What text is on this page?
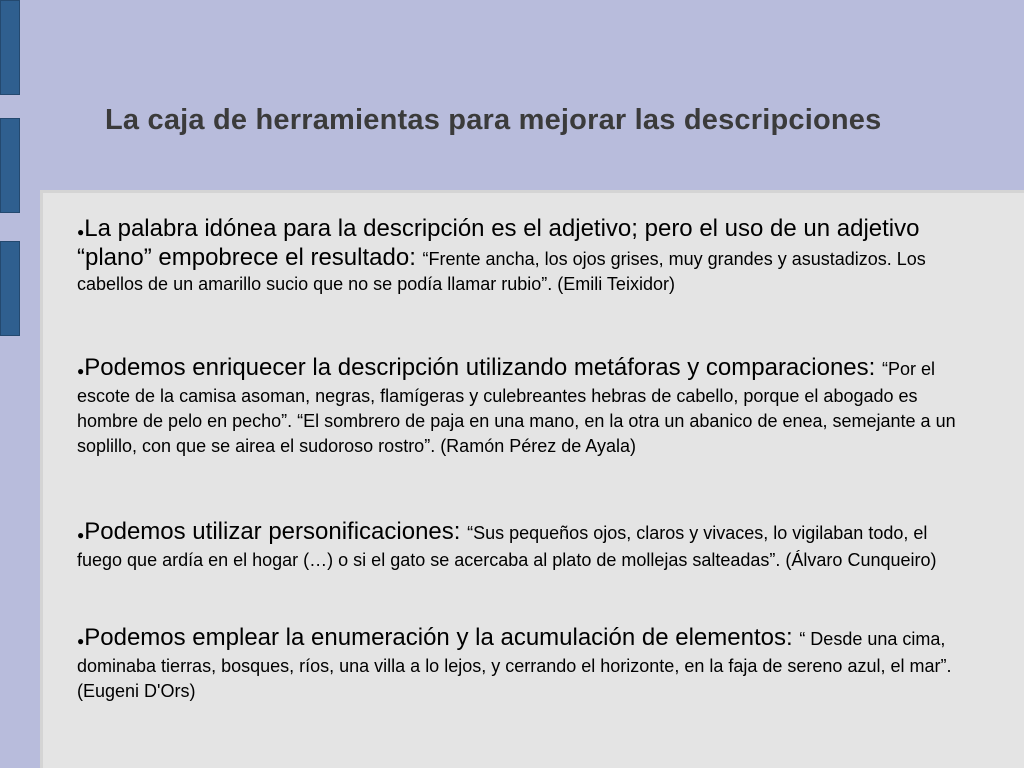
La caja de herramientas para mejorar las descripciones
●La palabra idónea para la descripción es el adjetivo; pero el uso de un adjetivo “plano” empobrece el resultado: “Frente ancha, los ojos grises, muy grandes y asustadizos. Los cabellos de un amarillo sucio que no se podía llamar rubio”. (Emili Teixidor)
●Podemos enriquecer la descripción utilizando metáforas y comparaciones: “Por el escote de la camisa asoman, negras, flamígeras y culebreantes hebras de cabello, porque el abogado es hombre de pelo en pecho”. “El sombrero de paja en una mano, en la otra un abanico de enea, semejante a un soplillo, con que se airea el sudoroso rostro”. (Ramón Pérez de Ayala)
●Podemos utilizar personificaciones: “Sus pequeños ojos, claros y vivaces, lo vigilaban todo, el fuego que ardía en el hogar (…) o si el gato se acercaba al plato de mollejas salteadas”. (Álvaro Cunqueiro)
●Podemos emplear la enumeración y la acumulación de elementos: “ Desde una cima, dominaba tierras, bosques, ríos, una villa a lo lejos, y cerrando el horizonte, en la faja de sereno azul, el mar”. (Eugeni D'Ors)
